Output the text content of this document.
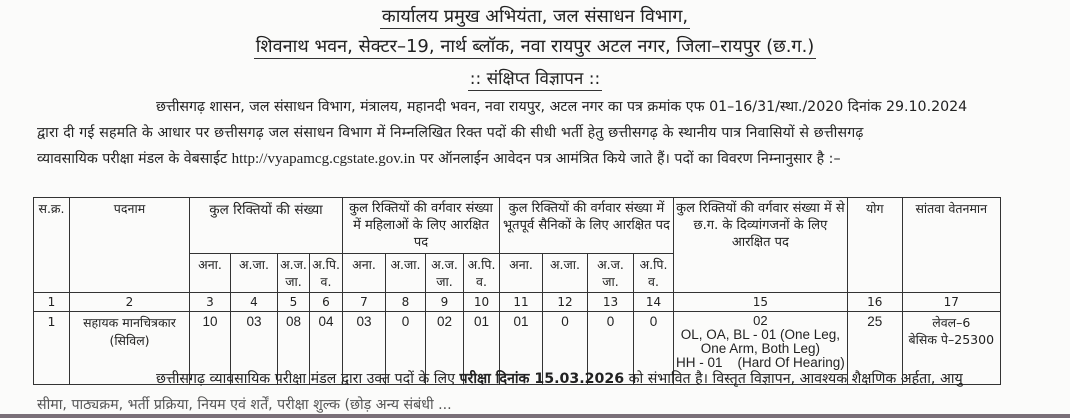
कार्यालय प्रमुख अभियंता, जल संसाधन विभाग,
शिवनाथ भवन, सेक्टर–19, नार्थ ब्लॉक, नवा रायपुर अटल नगर, जिला–रायपुर (छ.ग.)
:: संक्षिप्त विज्ञापन ::

छत्तीसगढ़ शासन, जल संसाधन विभाग, मंत्रालय, महानदी भवन, नवा रायपुर, अटल नगर का पत्र क्रमांक एफ 01–16/31/स्था./2020 दिनांक 29.10.2024

द्वारा दी गई सहमति के आधार पर छत्तीसगढ़ जल संसाधन विभाग में निम्नलिखित रिक्त पदों की सीधी भर्ती हेतु छत्तीसगढ़ के स्थानीय पात्र निवासियों से छत्तीसगढ़

व्यावसायिक परीक्षा मंडल के वेबसाईट http://vyapamcg.cgstate.gov.in पर ऑनलाईन आवेदन पत्र आमंत्रित किये जाते हैं। पदों का विवरण निम्नानुसार है :–

स.क्र.	पदनाम	कुल रिक्तियों की संख्या				कुल रिक्तियों की वर्गवार संख्या में महिलाओं के लिए आरक्षित पद				कुल रिक्तियों की वर्गवार संख्या में भूतपूर्व सैनिकों के लिए आरक्षित पद				कुल रिक्तियों की वर्गवार संख्या में से छ.ग. के दिव्यांगजनों के लिए आरक्षित पद	योग	सांतवा वेतनमान
		अना.	अ.जा.	अ.ज. जा.	अ.पि. व.	अना.	अ.जा.	अ.ज. जा.	अ.पि. व.	अना.	अ.जा.	अ.ज. जा.	अ.पि. व.			
1	2	3	4	5	6	7	8	9	10	11	12	13	14	15	16	17
1	सहायक मानचित्रकार (सिविल)	10	03	08	04	03	0	02	01	01	0	0	0	02
OL, OA, BL - 01 (One Leg, One Arm, Both Leg)
HH - 01    (Hard Of Hearing)
	25	लेवल–6
बेसिक पे–25300

छत्तीसगढ़ व्यावसायिक परीक्षा मंडल द्वारा उक्त पदों के लिए परीक्षा दिनांक 15.03.2026 को संभावित है। विस्तृत विज्ञापन, आवश्यक शैक्षणिक अर्हता, आयु

सीमा, पाठ्यक्रम, भर्ती प्रक्रिया, नियम एवं शर्तें, परीक्षा शुल्क (छोड़ अन्य संबंधी ...
